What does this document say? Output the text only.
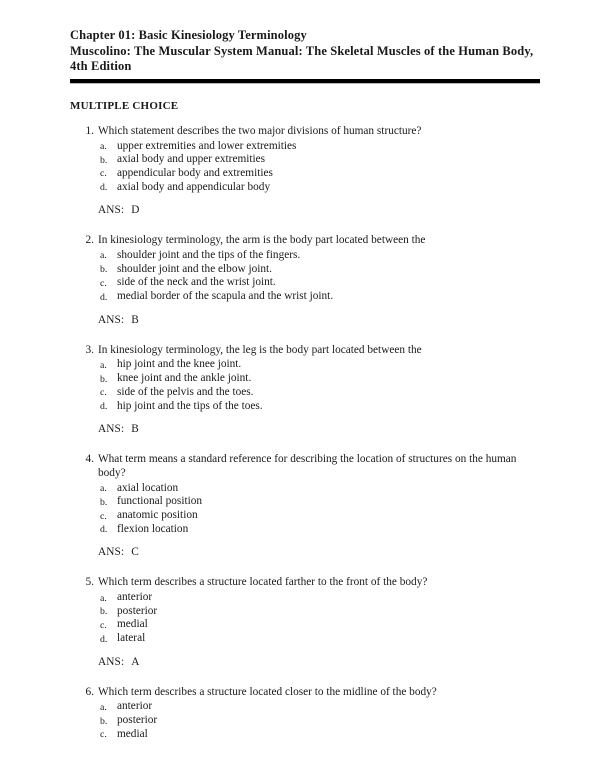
Chapter 01: Basic Kinesiology Terminology
Muscolino: The Muscular System Manual: The Skeletal Muscles of the Human Body,
4th Edition
MULTIPLE CHOICE
1. Which statement describes the two major divisions of human structure?
a. upper extremities and lower extremities
b. axial body and upper extremities
c. appendicular body and extremities
d. axial body and appendicular body
ANS: D
2. In kinesiology terminology, the arm is the body part located between the
a. shoulder joint and the tips of the fingers.
b. shoulder joint and the elbow joint.
c. side of the neck and the wrist joint.
d. medial border of the scapula and the wrist joint.
ANS: B
3. In kinesiology terminology, the leg is the body part located between the
a. hip joint and the knee joint.
b. knee joint and the ankle joint.
c. side of the pelvis and the toes.
d. hip joint and the tips of the toes.
ANS: B
4. What term means a standard reference for describing the location of structures on the human body?
a. axial location
b. functional position
c. anatomic position
d. flexion location
ANS: C
5. Which term describes a structure located farther to the front of the body?
a. anterior
b. posterior
c. medial
d. lateral
ANS: A
6. Which term describes a structure located closer to the midline of the body?
a. anterior
b. posterior
c. medial
